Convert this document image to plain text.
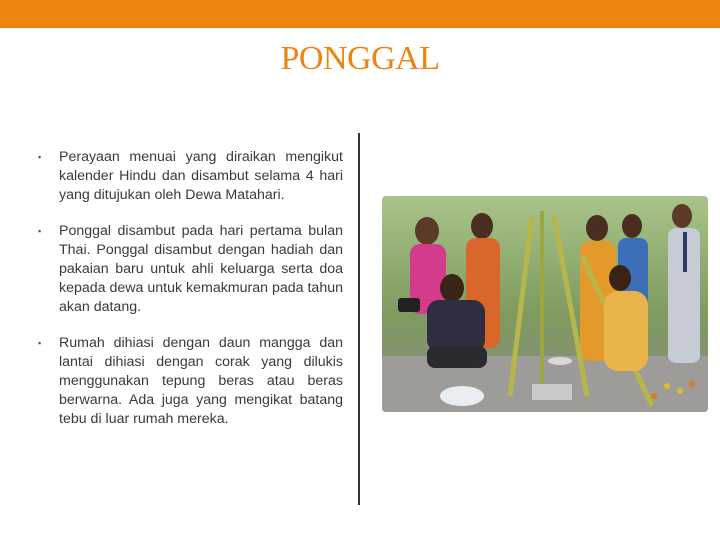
PONGGAL
▪ Perayaan menuai yang diraikan mengikut kalender Hindu dan disambut selama 4 hari yang ditujukan oleh Dewa Matahari.
▪ Ponggal disambut pada hari pertama bulan Thai. Ponggal disambut dengan hadiah dan pakaian baru untuk ahli keluarga serta doa kepada dewa untuk kemakmuran pada tahun akan datang.
▪ Rumah dihiasi dengan daun mangga dan lantai dihiasi dengan corak yang dilukis menggunakan tepung beras atau beras berwarna. Ada juga yang mengikat batang tebu di luar rumah mereka.
